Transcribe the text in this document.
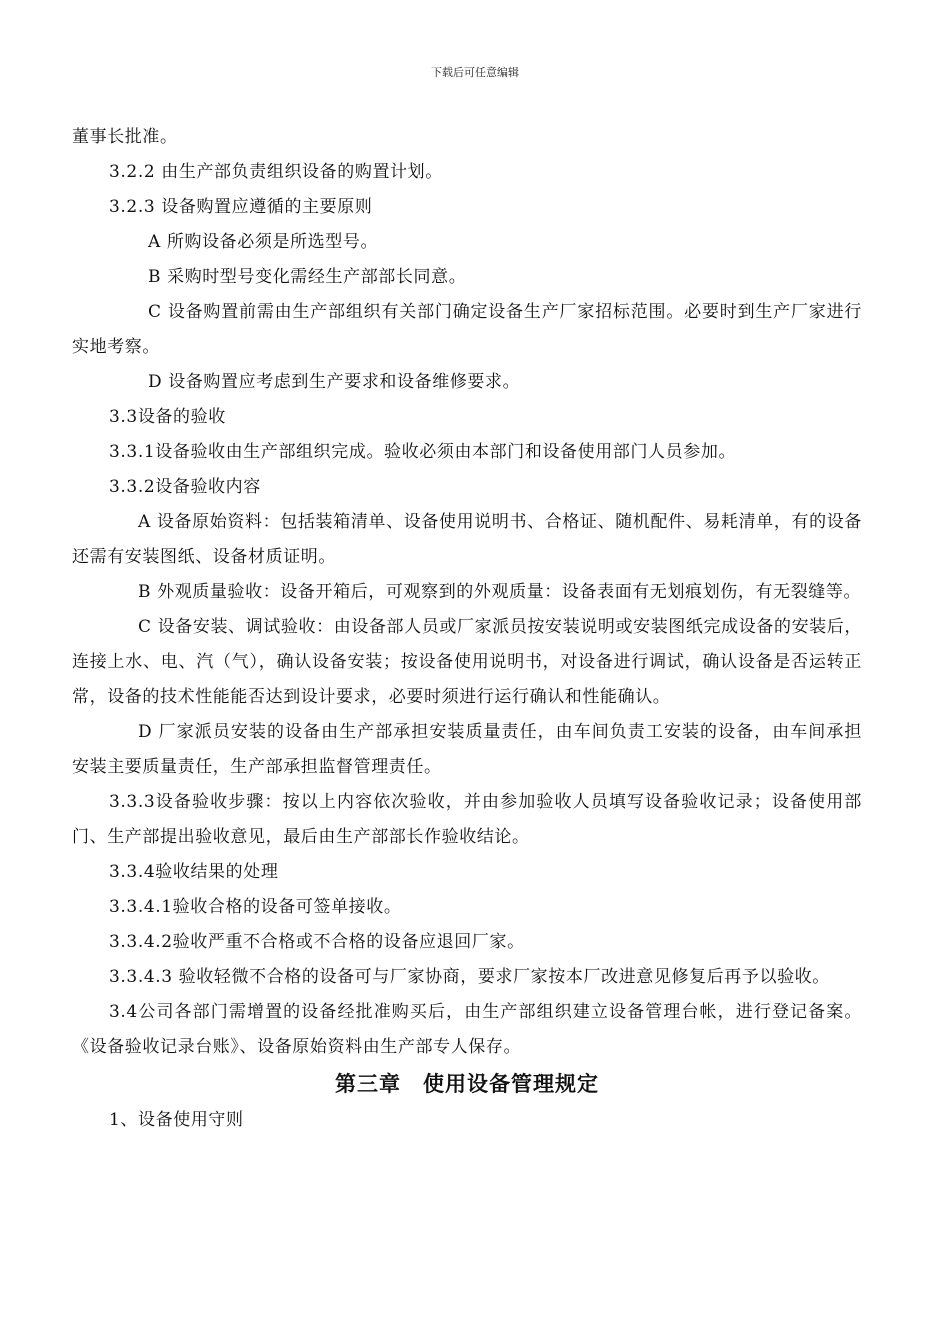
下载后可任意编辑

董事长批准。

3.2.2 由生产部负责组织设备的购置计划。

3.2.3 设备购置应遵循的主要原则

A 所购设备必须是所选型号。

B 采购时型号变化需经生产部部长同意。

C 设备购置前需由生产部组织有关部门确定设备生产厂家招标范围。必要时到生产厂家进行实地考察。

D 设备购置应考虑到生产要求和设备维修要求。

3.3设备的验收

3.3.1设备验收由生产部组织完成。验收必须由本部门和设备使用部门人员参加。

3.3.2设备验收内容

A 设备原始资料：包括装箱清单、设备使用说明书、合格证、随机配件、易耗清单，有的设备还需有安装图纸、设备材质证明。

B 外观质量验收：设备开箱后，可观察到的外观质量：设备表面有无划痕划伤，有无裂缝等。

C 设备安装、调试验收：由设备部人员或厂家派员按安装说明或安装图纸完成设备的安装后，连接上水、电、汽（气），确认设备安装；按设备使用说明书，对设备进行调试，确认设备是否运转正常，设备的技术性能能否达到设计要求，必要时须进行运行确认和性能确认。

D 厂家派员安装的设备由生产部承担安装质量责任，由车间负责工安装的设备，由车间承担安装主要质量责任，生产部承担监督管理责任。

3.3.3设备验收步骤：按以上内容依次验收，并由参加验收人员填写设备验收记录；设备使用部门、生产部提出验收意见，最后由生产部部长作验收结论。

3.3.4验收结果的处理

3.3.4.1验收合格的设备可签单接收。

3.3.4.2验收严重不合格或不合格的设备应退回厂家。

3.3.4.3 验收轻微不合格的设备可与厂家协商，要求厂家按本厂改进意见修复后再予以验收。

3.4公司各部门需增置的设备经批准购买后，由生产部组织建立设备管理台帐，进行登记备案。《设备验收记录台账》、设备原始资料由生产部专人保存。

第三章　使用设备管理规定

1、设备使用守则
